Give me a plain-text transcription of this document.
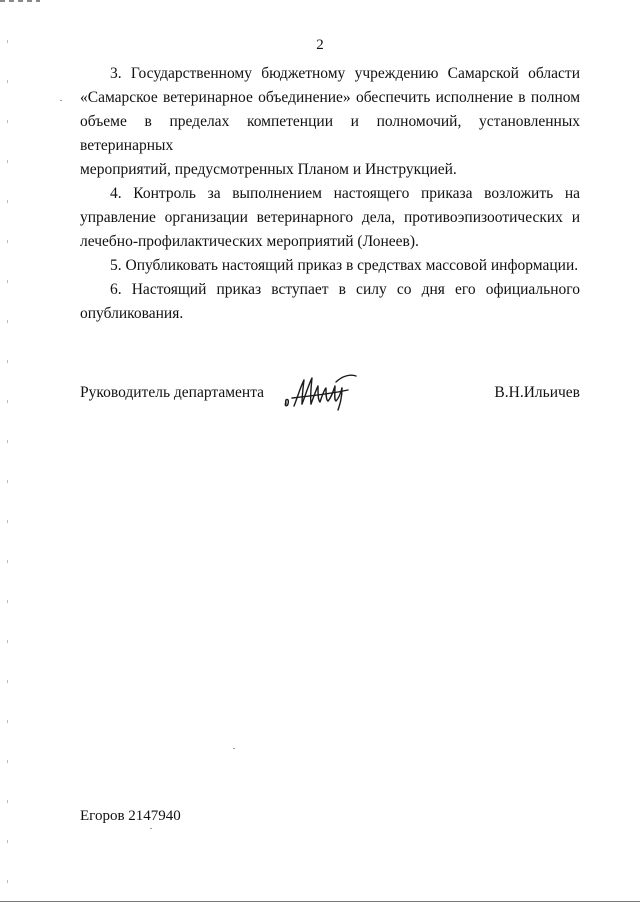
2

3. Государственному бюджетному учреждению Самарской области
«Самарское ветеринарное объединение» обеспечить исполнение в полном
объеме в пределах компетенции и полномочий, установленных ветеринарных
мероприятий, предусмотренных Планом и Инструкцией.

4. Контроль за выполнением настоящего приказа возложить на
управление организации ветеринарного дела, противоэпизоотических и
лечебно-профилактических мероприятий (Лонеев).

5. Опубликовать настоящий приказ в средствах массовой информации.

6. Настоящий приказ вступает в силу со дня его официального
опубликования.

Руководитель департамента	В.Н.Ильичев
Егоров 2147940
